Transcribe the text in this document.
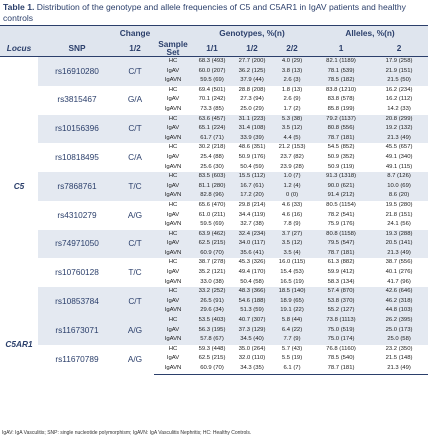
Table 1. Distribution of the genotype and allele frequencies of C5 and C5AR1 in IgAV patients and healthy controls
		Change		Genotypes, %(n)			Alleles, %(n)	
Locus	SNP	1/2	Sample Set	1/1	1/2	2/2	1	2
C5	rs16910280	C/T	HC	68.3 (493)	27.7 (200)	4.0 (29)	82.1 (1189)	17.9 (258)
			IgAV	60.0 (207)	36.2 (125)	3.8 (13)	78.1 (539)	21.9 (151)
			IgAVN	59.5 (69)	37.9 (44)	2.6 (3)	78.5 (182)	21.5 (50)
	rs3815467	G/A	HC	69.4 (501)	28.8 (208)	1.8 (13)	83.8 (1210)	16.2 (234)
			IgAV	70.1 (242)	27.3 (94)	2.6 (9)	83.8 (578)	16.2 (112)
			IgAVN	73.3 (85)	25.0 (29)	1.7 (2)	85.8 (199)	14.2 (33)
	rs10156396	C/T	HC	63.6 (457)	31.1 (223)	5.3 (38)	79.2 (1137)	20.8 (299)
			IgAV	65.1 (224)	31.4 (108)	3.5 (12)	80.8 (556)	19.2 (132)
			IgAVN	61.7 (71)	33.9 (39)	4.4 (5)	78.7 (181)	21.3 (49)
	rs10818495	C/A	HC	30.2 (218)	48.6 (351)	21.2 (153)	54.5 (852)	45.5 (657)
			IgAV	25.4 (88)	50.9 (176)	23.7 (82)	50.9 (352)	49.1 (340)
			IgAVN	25.6 (30)	50.4 (59)	23.9 (28)	50.9 (119)	49.1 (115)
	rs7868761	T/C	HC	83.5 (603)	15.5 (112)	1.0 (7)	91.3 (1318)	8.7 (126)
			IgAV	81.1 (280)	16.7 (61)	1.2 (4)	90.0 (621)	10.0 (69)
			IgAVN	82.8 (96)	17.2 (20)	0 (0)	91.4 (212)	8.6 (20)
	rs4310279	A/G	HC	65.6 (470)	29.8 (214)	4.6 (33)	80.5 (1154)	19.5 (280)
			IgAV	61.0 (211)	34.4 (119)	4.6 (16)	78.2 (541)	21.8 (151)
			IgAVN	59.5 (69)	32.7 (38)	7.8 (9)	75.9 (176)	24.1 (56)
	rs74971050	C/T	HC	63.9 (462)	32.4 (234)	3.7 (27)	80.8 (1158)	19.3 (288)
			IgAV	62.5 (215)	34.0 (117)	3.5 (12)	79.5 (547)	20.5 (141)
			IgAVN	60.9 (70)	35.6 (41)	3.5 (4)	78.7 (181)	21.3 (49)
	rs10760128	T/C	HC	38.7 (278)	45.3 (326)	16.0 (115)	61.3 (882)	38.7 (556)
			IgAV	35.2 (121)	49.4 (170)	15.4 (53)	59.9 (412)	40.1 (276)
			IgAVN	33.0 (38)	50.4 (58)	16.5 (19)	58.3 (134)	41.7 (96)
	rs10853784	C/T	HC	33.2 (252)	48.3 (366)	18.5 (140)	57.4 (870)	42.6 (646)
			IgAV	26.5 (91)	54.6 (188)	18.9 (65)	53.8 (370)	46.2 (318)
			IgAVN	29.6 (34)	51.3 (59)	19.1 (22)	55.2 (127)	44.8 (103)
C5AR1	rs11673071	A/G	HC	53.5 (403)	40.7 (307)	5.8 (44)	73.8 (1113)	26.2 (395)
			IgAV	56.3 (195)	37.3 (129)	6.4 (22)	75.0 (519)	25.0 (173)
			IgAVN	57.8 (67)	34.5 (40)	7.7 (9)	75.0 (174)	25.0 (58)
	rs11670789	A/G	HC	59.3 (448)	35.0 (264)	5.7 (43)	76.8 (1160)	23.2 (350)
			IgAV	62.5 (215)	32.0 (110)	5.5 (19)	78.5 (540)	21.5 (148)
			IgAVN	60.9 (70)	34.3 (35)	6.1 (7)	78.7 (181)	21.3 (49)
IgAV: IgA Vasculitis; SNP: single nucleotide polymorphism; IgAVN: IgA Vasculitis Nephritis; HC: Healthy Controls.
